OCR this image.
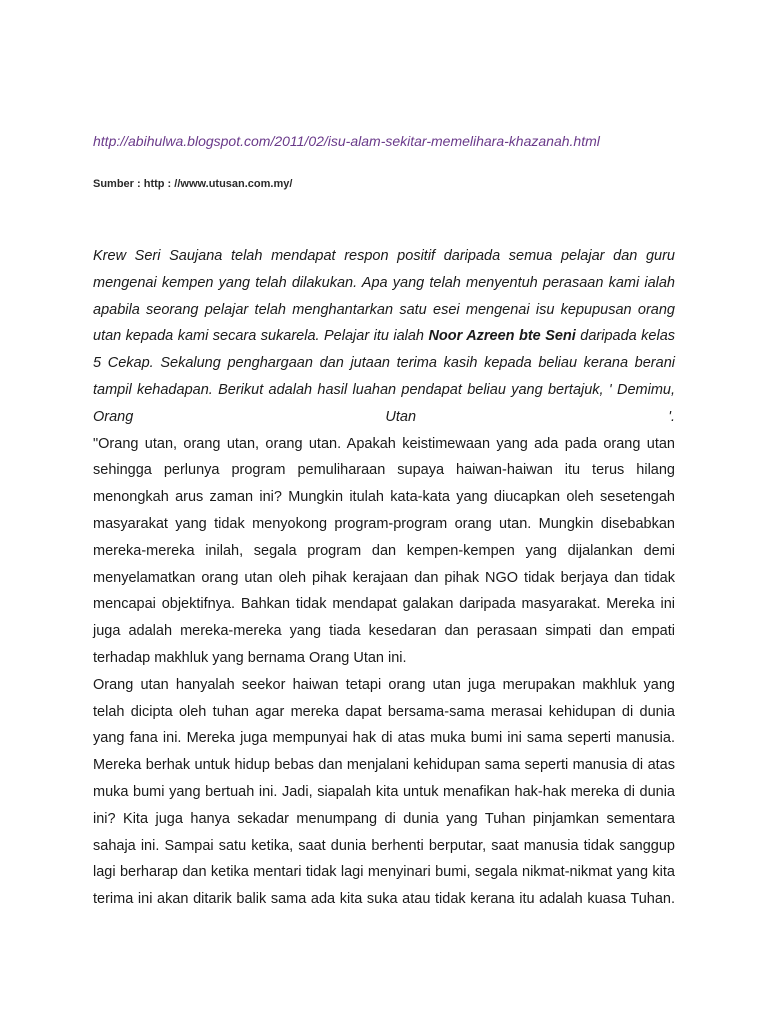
http://abihulwa.blogspot.com/2011/02/isu-alam-sekitar-memelihara-khazanah.html
Sumber : http : //www.utusan.com.my/
Krew Seri Saujana telah mendapat respon positif daripada semua pelajar dan guru mengenai kempen yang telah dilakukan. Apa yang telah menyentuh perasaan kami ialah apabila seorang pelajar telah menghantarkan satu esei mengenai isu kepupusan orang utan kepada kami secara sukarela. Pelajar itu ialah Noor Azreen bte Seni daripada kelas 5 Cekap. Sekalung penghargaan dan jutaan terima kasih kepada beliau kerana berani tampil kehadapan. Berikut adalah hasil luahan pendapat beliau yang bertajuk, ' Demimu, Orang Utan '.

"Orang utan, orang utan, orang utan. Apakah keistimewaan yang ada pada orang utan sehingga perlunya program pemuliharaan supaya haiwan-haiwan itu terus hilang menongkah arus zaman ini? Mungkin itulah kata-kata yang diucapkan oleh sesetengah masyarakat yang tidak menyokong program-program orang utan. Mungkin disebabkan mereka-mereka inilah, segala program dan kempen-kempen yang dijalankan demi menyelamatkan orang utan oleh pihak kerajaan dan pihak NGO tidak berjaya dan tidak mencapai objektifnya. Bahkan tidak mendapat galakan daripada masyarakat. Mereka ini juga adalah mereka-mereka yang tiada kesedaran dan perasaan simpati dan empati terhadap makhluk yang bernama Orang Utan ini.

Orang utan hanyalah seekor haiwan tetapi orang utan juga merupakan makhluk yang telah dicipta oleh tuhan agar mereka dapat bersama-sama merasai kehidupan di dunia yang fana ini. Mereka juga mempunyai hak di atas muka bumi ini sama seperti manusia. Mereka berhak untuk hidup bebas dan menjalani kehidupan sama seperti manusia di atas muka bumi yang bertuah ini. Jadi, siapalah kita untuk menafikan hak-hak mereka di dunia ini? Kita juga hanya sekadar menumpang di dunia yang Tuhan pinjamkan sementara sahaja ini. Sampai satu ketika, saat dunia berhenti berputar, saat manusia tidak sanggup lagi berharap dan ketika mentari tidak lagi menyinari bumi, segala nikmat-nikmat yang kita terima ini akan ditarik balik sama ada kita suka atau tidak kerana itu adalah kuasa Tuhan.
